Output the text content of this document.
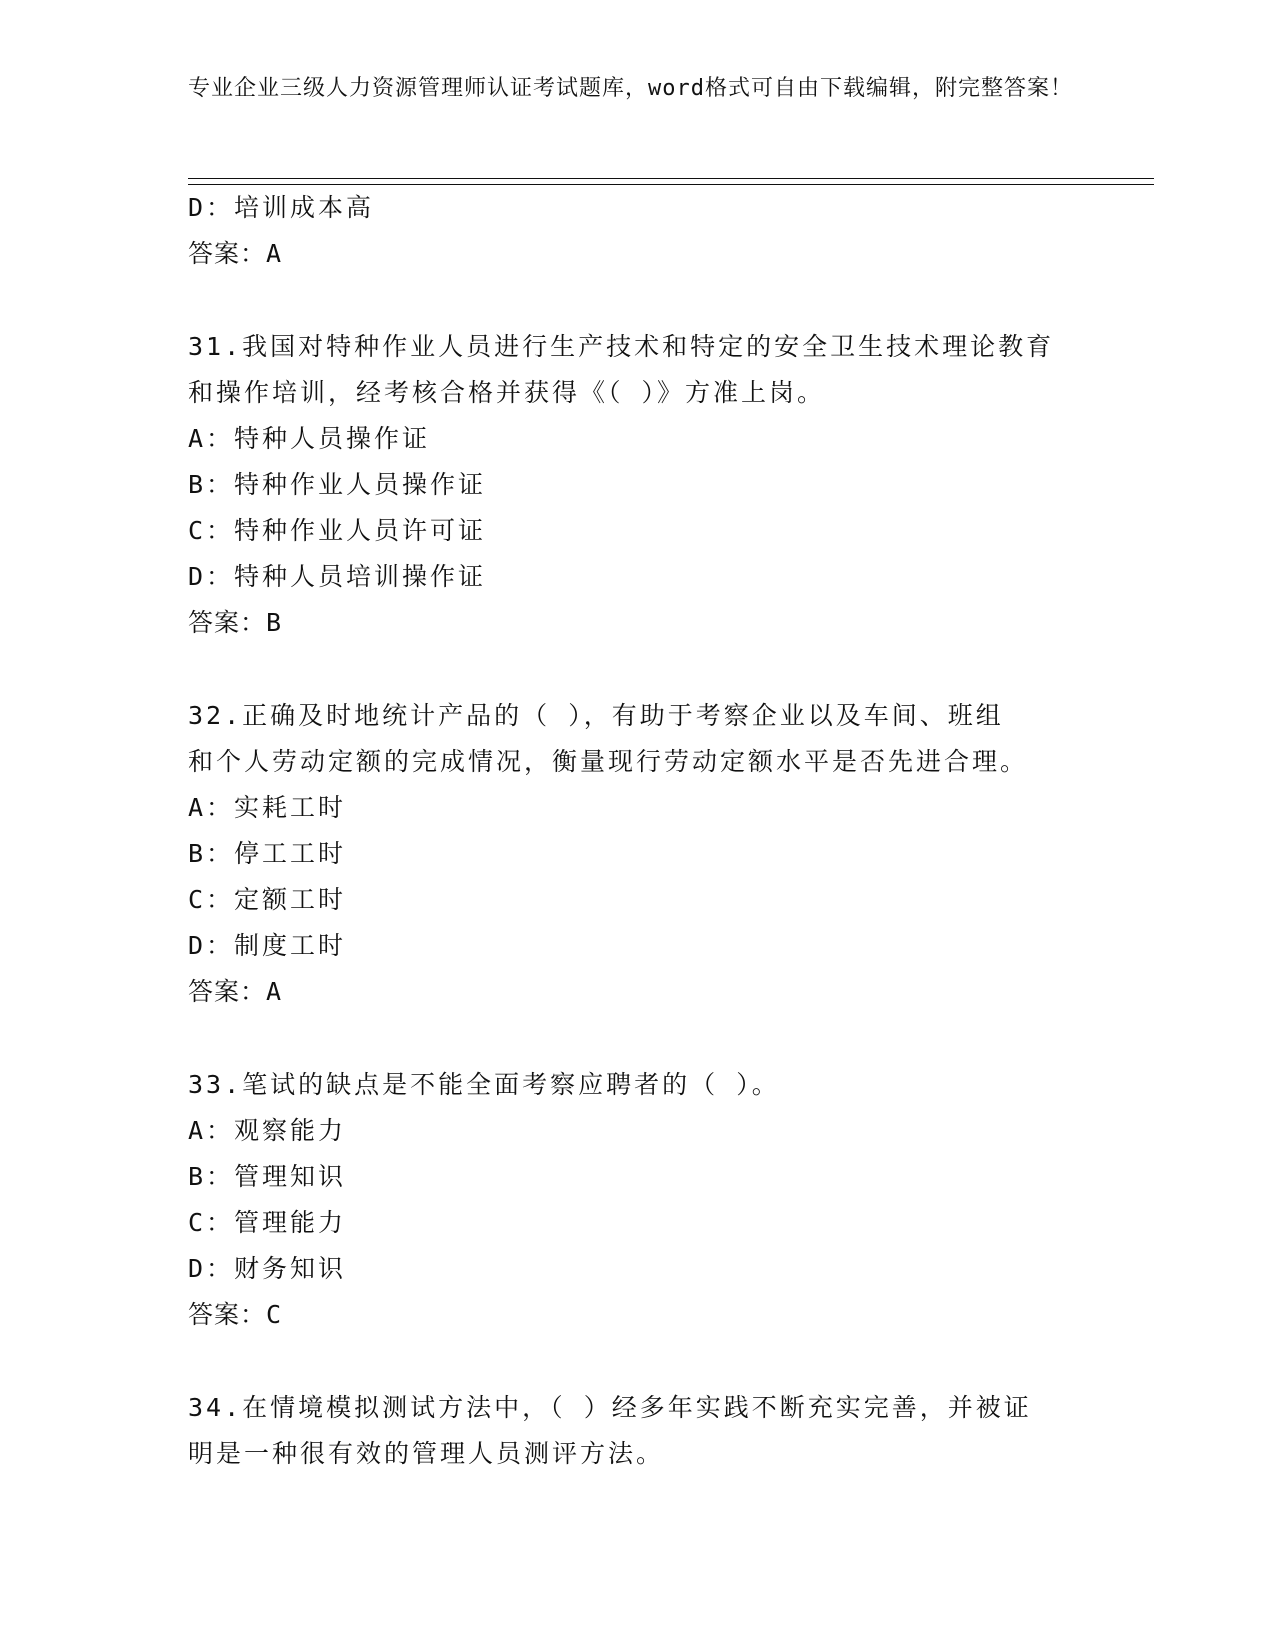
专业企业三级人力资源管理师认证考试题库，word格式可自由下载编辑，附完整答案！
D：培训成本高
答案：A
31.我国对特种作业人员进行生产技术和特定的安全卫生技术理论教育
和操作培训，经考核合格并获得《（ ）》方准上岗。
A：特种人员操作证
B：特种作业人员操作证
C：特种作业人员许可证
D：特种人员培训操作证
答案：B
32.正确及时地统计产品的（ ），有助于考察企业以及车间、班组
和个人劳动定额的完成情况，衡量现行劳动定额水平是否先进合理。
A：实耗工时
B：停工工时
C：定额工时
D：制度工时
答案：A
33.笔试的缺点是不能全面考察应聘者的（ ）。
A：观察能力
B：管理知识
C：管理能力
D：财务知识
答案：C
34.在情境模拟测试方法中，（ ）经多年实践不断充实完善，并被证
明是一种很有效的管理人员测评方法。
